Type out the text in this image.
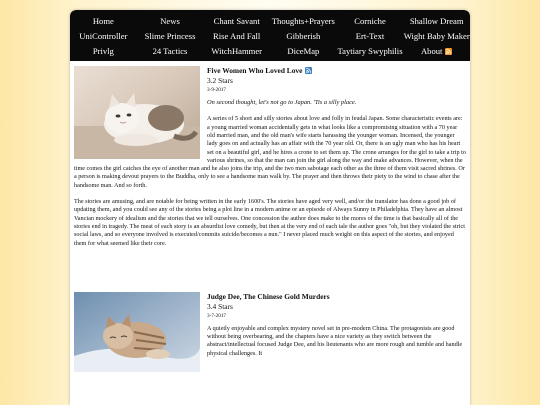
Home	News	Chant Savant	Thoughts+Prayers	Corniche	Shallow Dream
UniController	Slime Princess	Rise And Fall	Gibberish	Ert-Text	Wight Baby Maker
Privlg	24 Tactics	WitchHammer	DiceMap	Taytiary Swyphilis	About

Five Women Who Loved Love

3.2 Stars

3-9-2017

On second thought, let's not go to Japan. 'Tis a silly place.

A series of 5 short and silly stories about love and folly in feudal Japan. Some characteristic events are: a young married woman accidentally gets in what looks like a compromising situation with a 70 year old married man, and the old man's wife starts harassing the younger woman. Incensed, the younger lady goes on and actually has an affair with the 70 year old. Or, there is an ugly man who has his heart set on a beautiful girl, and he hires a crone to set them up. The crone arranges for the girl to take a trip to various shrines, so that the man can join the girl along the way and make advances. However, when the time comes the girl catches the eye of another man and he also joins the trip, and the two men sabotage each other as the three of them visit sacred shrines. Or a person is making devout prayers to the Buddha, only to see a handsome man walk by. The prayer and then throws their piety to the wind to chase after the handsome man. And so forth.

The stories are amusing, and are notable for being written in the early 1600's. The stories have aged very well, and/or the translator has done a good job of updating them, and you could see any of the stories being a plot line in a modern anime or an episode of Always Sunny in Philadelphia. They have an almost Vancian mockery of idealism and the stories that we tell ourselves. One concession the author does make to the mores of the time is that basically all of the stories end in tragedy. The meat of each story is an absurdist love comedy, but then at the very end of each tale the author goes "oh, but they violated the strict social laws, and so everyone involved is executed/commits suicide/becomes a nun." I never placed much weight on this aspect of the stories, and enjoyed them for what seemed like their core.

Judge Dee, The Chinese Gold Murders

3.4 Stars

3-7-2017

A quietly enjoyable and complex mystery novel set in pre-modern China. The protagonists are good without being overbearing, and the chapters have a nice variety as they switch between the abstract/intellectual focused Judge Dee, and his lieutenants who are more rough and tumble and handle physical challenges. It
